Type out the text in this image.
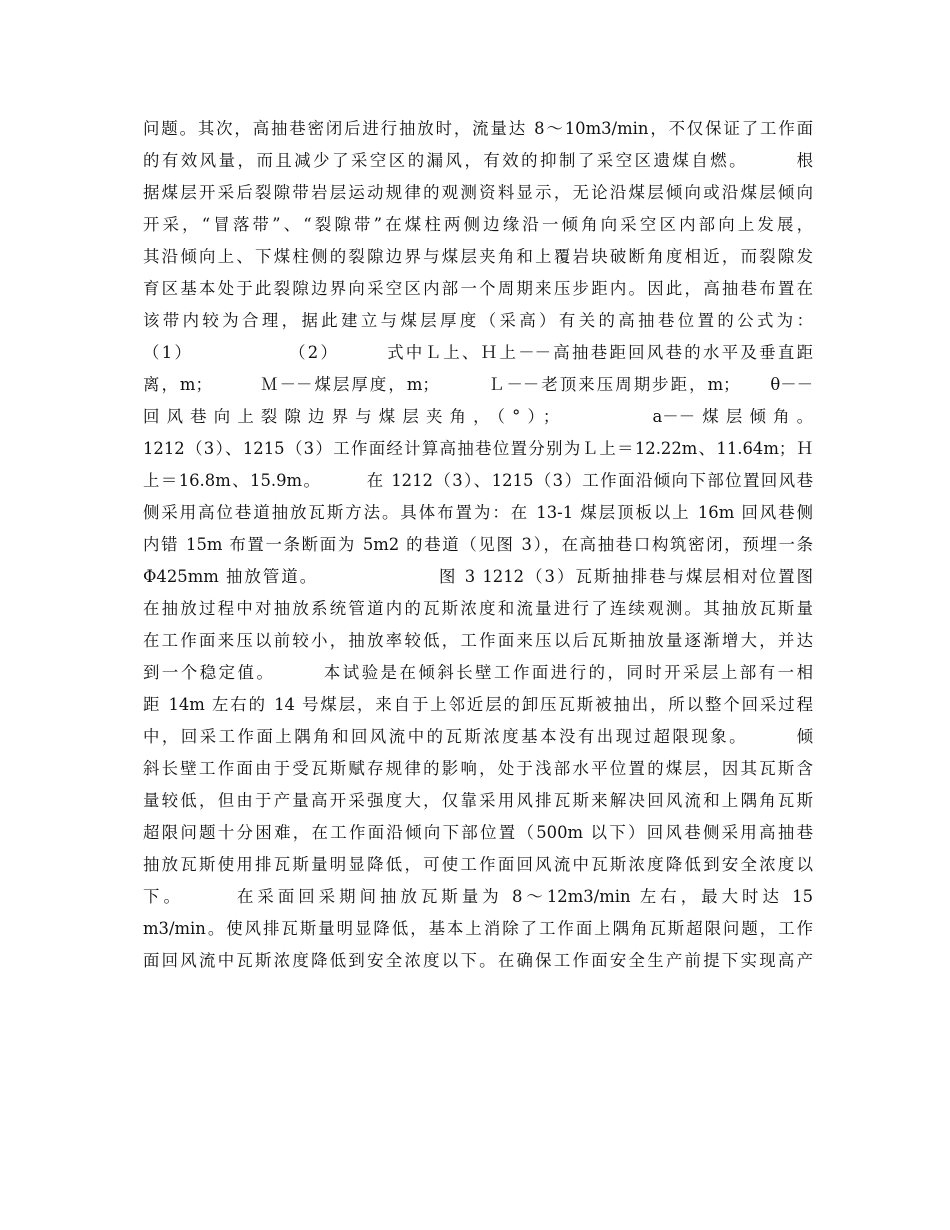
问题。其次，高抽巷密闭后进行抽放时，流量达 8～10m3/min，不仅保证了工作面
的有效风量，而且减少了采空区的漏风，有效的抑制了采空区遗煤自燃。　　　根
据煤层开采后裂隙带岩层运动规律的观测资料显示，无论沿煤层倾向或沿煤层倾向
开采，“冒落带”、“裂隙带”在煤柱两侧边缘沿一倾角向采空区内部向上发展，
其沿倾向上、下煤柱侧的裂隙边界与煤层夹角和上覆岩块破断角度相近，而裂隙发
育区基本处于此裂隙边界向采空区内部一个周期来压步距内。因此，高抽巷布置在
该带内较为合理，据此建立与煤层厚度（采高）有关的高抽巷位置的公式为：
（1）　　　　　　（2）　　　式中Ｌ上、Ｈ上－－高抽巷距回风巷的水平及垂直距
离，m；　　　Ｍ－－煤层厚度，m；　　　Ｌ－－老顶来压周期步距，m；　　θ－－
回风巷向上裂隙边界与煤层夹角，（°）；　　　　a－－煤层倾角。
1212（3）、1215（3）工作面经计算高抽巷位置分别为Ｌ上＝12.22m、11.64m；Ｈ
上＝16.8m、15.9m。　　　在 1212（3）、1215（3）工作面沿倾向下部位置回风巷
侧采用高位巷道抽放瓦斯方法。具体布置为：在 13-1 煤层顶板以上 16m 回风巷侧
内错 15m 布置一条断面为 5m2 的巷道（见图 3），在高抽巷口构筑密闭，预埋一条
Φ425mm 抽放管道。　　　　　　　图 3 1212（3）瓦斯抽排巷与煤层相对位置图
在抽放过程中对抽放系统管道内的瓦斯浓度和流量进行了连续观测。其抽放瓦斯量
在工作面来压以前较小，抽放率较低，工作面来压以后瓦斯抽放量逐渐增大，并达
到一个稳定值。　　　本试验是在倾斜长壁工作面进行的，同时开采层上部有一相
距 14m 左右的 14 号煤层，来自于上邻近层的卸压瓦斯被抽出，所以整个回采过程
中，回采工作面上隅角和回风流中的瓦斯浓度基本没有出现过超限现象。　　　倾
斜长壁工作面由于受瓦斯赋存规律的影响，处于浅部水平位置的煤层，因其瓦斯含
量较低，但由于产量高开采强度大，仅靠采用风排瓦斯来解决回风流和上隅角瓦斯
超限问题十分困难，在工作面沿倾向下部位置（500m 以下）回风巷侧采用高抽巷
抽放瓦斯使用排瓦斯量明显降低，可使工作面回风流中瓦斯浓度降低到安全浓度以
下。　　　在采面回采期间抽放瓦斯量为 8～12m3/min 左右，最大时达 15
m3/min。使风排瓦斯量明显降低，基本上消除了工作面上隅角瓦斯超限问题，工作
面回风流中瓦斯浓度降低到安全浓度以下。在确保工作面安全生产前提下实现高产
